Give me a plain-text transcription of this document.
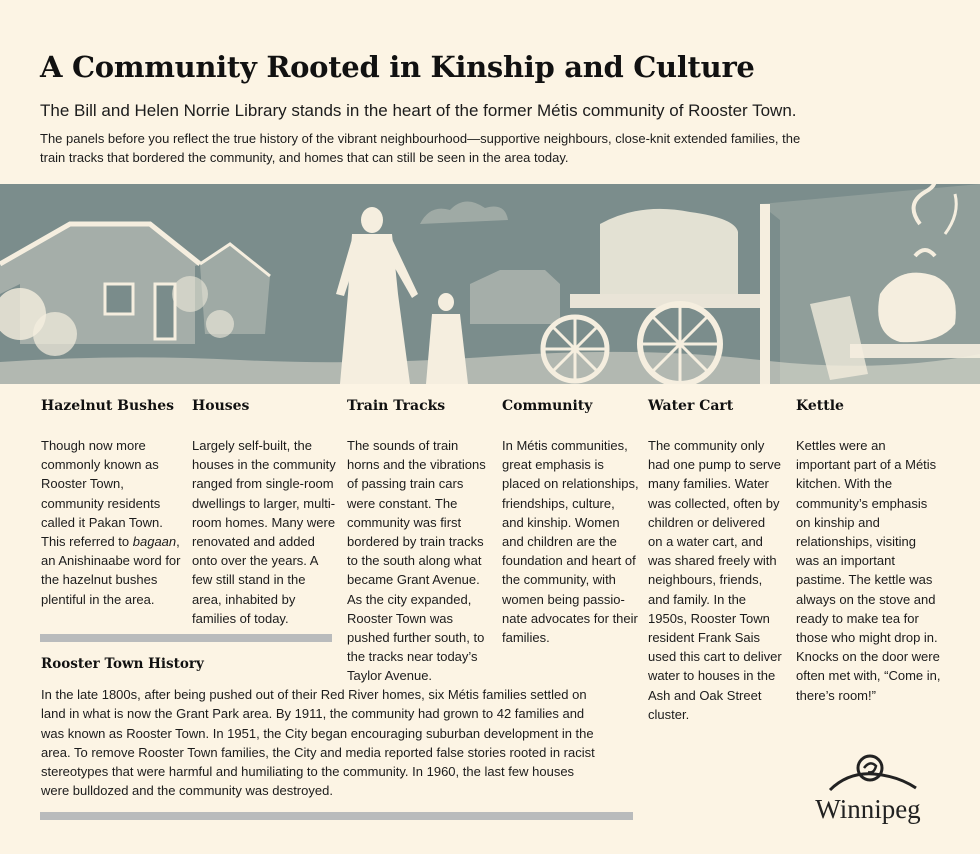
A Community Rooted in Kinship and Culture

The Bill and Helen Norrie Library stands in the heart of the former Métis community of Rooster Town.

The panels before you reflect the true history of the vibrant neighbourhood—supportive neighbours, close-knit extended families, the train tracks that bordered the community, and homes that can still be seen in the area today.

Hazelnut Bushes

Though now more commonly known as Rooster Town, community residents called it Pakan Town. This referred to bagaan, an Anishinaabe word for the hazelnut bushes plentiful in the area.

Houses

Largely self-built, the houses in the community ranged from single-room dwellings to larger, multi-room homes. Many were renovated and added onto over the years. A few still stand in the area, inhabited by families of today.

Train Tracks

The sounds of train horns and the vibrations of passing train cars were constant. The community was first bordered by train tracks to the south along what became Grant Avenue. As the city expanded, Rooster Town was pushed further south, to the tracks near today’s Taylor Avenue.

Community

In Métis communities, great emphasis is placed on relationships, friendships, culture, and kinship. Women and children are the foundation and heart of the community, with women being passionate advocates for their families.

Water Cart

The community only had one pump to serve many families. Water was collected, often by children or delivered on a water cart, and was shared freely with neighbours, friends, and family. In the 1950s, Rooster Town resident Frank Sais used this cart to deliver water to houses in the Ash and Oak Street cluster.

Kettle

Kettles were an important part of a Métis kitchen. With the community’s emphasis on kinship and relationships, visiting was an important pastime. The kettle was always on the stove and ready to make tea for those who might drop in. Knocks on the door were often met with, “Come in, there’s room!”

Rooster Town History

In the late 1800s, after being pushed out of their Red River homes, six Métis families settled on land in what is now the Grant Park area. By 1911, the community had grown to 42 families and was known as Rooster Town. In 1951, the City began encouraging suburban development in the area. To remove Rooster Town families, the City and media reported false stories rooted in racist stereotypes that were harmful and humiliating to the community. In 1960, the last few houses were bulldozed and the community was destroyed.

Winnipeg
